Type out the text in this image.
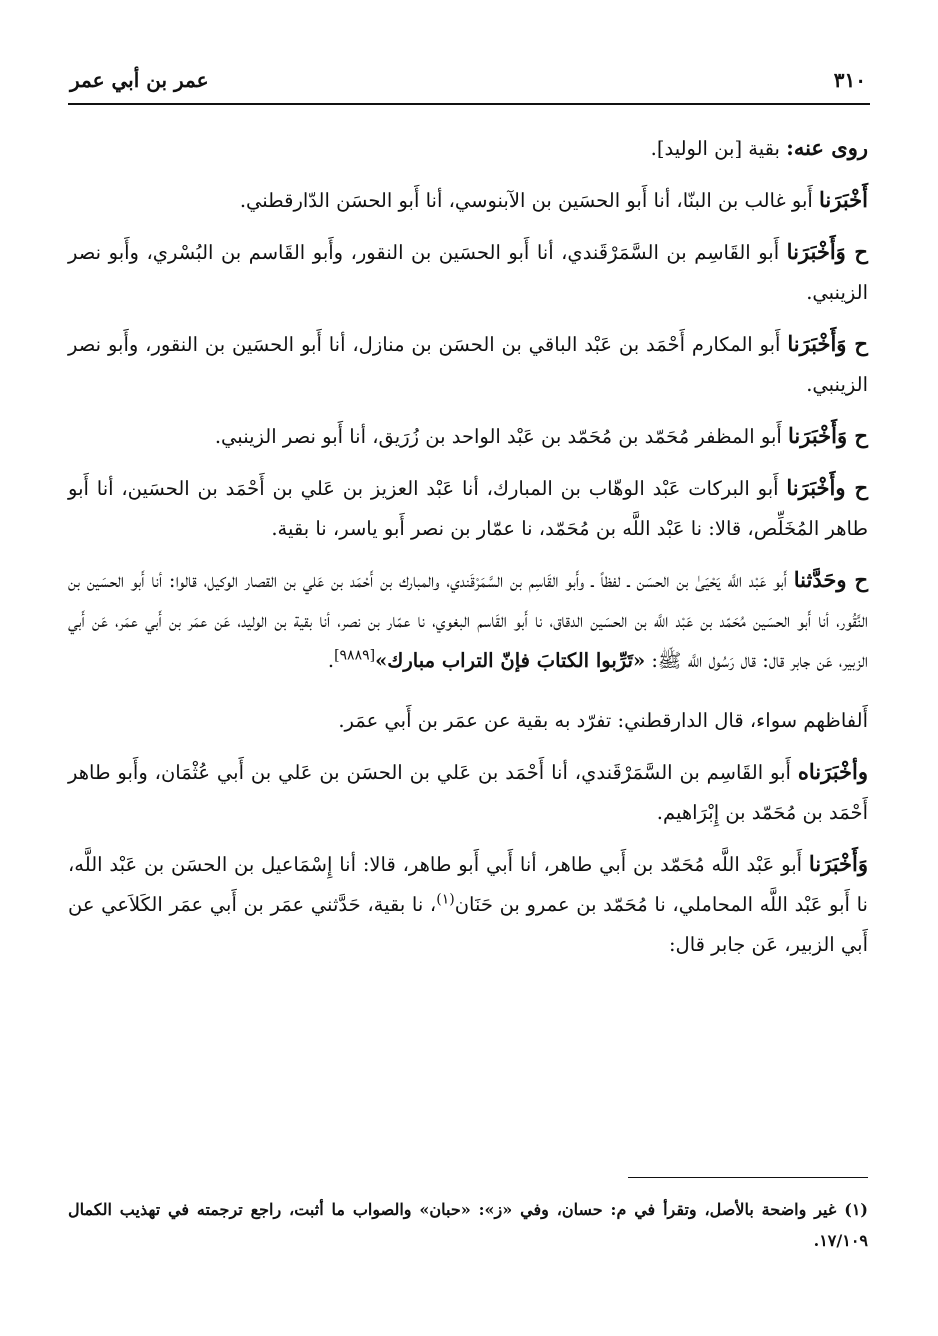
٣١٠
عمر بن أبي عمر

روى عنه: بقية [بن الوليد].

أَخْبَرَنا أَبو غالب بن البنّا، أنا أَبو الحسَين بن الآبنوسي، أنا أَبو الحسَن الدّارقطني.

ح وَأَخْبَرَنا أَبو القَاسِم بن السَّمَرْقَندي، أنا أَبو الحسَين بن النقور، وأَبو القَاسم بن البُسْري، وأَبو نصر الزينبي.

ح وَأَخْبَرَنا أَبو المكارم أَحْمَد بن عَبْد الباقي بن الحسَن بن منازل، أنا أَبو الحسَين بن النقور، وأَبو نصر الزينبي.

ح وَأَخْبَرَنا أَبو المظفر مُحَمّد بن مُحَمّد بن عَبْد الواحد بن زُرَيق، أنا أَبو نصر الزينبي.

ح وأَخْبَرَنا أَبو البركات عَبْد الوهّاب بن المبارك، أنا عَبْد العزيز بن عَلي بن أَحْمَد بن الحسَين، أنا أَبو طاهر المُخَلِّص، قالا: نا عَبْد اللَّه بن مُحَمّد، نا عمّار بن نصر أَبو ياسر، نا بقية.

ح وحَدَّثنا أَبو عَبْد اللَّه يَحْيَىٰ بن الحسَن ـ لفظاً ـ وأَبو القَاسِم بن السَّمَرْقَندي، والمبارك بن أَحْمَد بن عَلي بن القصار الوكيل، قالوا: أنا أَبو الحسَين بن النَّقُور، أنا أَبو الحسَين مُحَمّد بن عَبْد اللَّه بن الحسَين الدقاق، نا أَبو القَاسم البغوي، نا عمّار بن نصر، أنا بقية بن الوليد، عَن عمَر بن أَبي عمَر، عَن أَبي الزبير، عَن جابر قال: قال رَسُول اللَّه ﷺ: «تَرِّبوا الكتابَ فإنّ التراب مبارك»[٩٨٨٩].

أَلفاظهم سواء، قال الدارقطني: تفرّد به بقية عن عمَر بن أَبي عمَر.

وأخْبَرَناه أَبو القَاسِم بن السَّمَرْقَندي، أنا أَحْمَد بن عَلي بن الحسَن بن عَلي بن أَبي عُثْمَان، وأَبو طاهر أَحْمَد بن مُحَمّد بن إِبْرَاهيم.

وَأَخْبَرَنا أَبو عَبْد اللَّه مُحَمّد بن أَبي طاهر، أنا أَبي أَبو طاهر، قالا: أنا إِسْمَاعيل بن الحسَن بن عَبْد اللَّه، نا أَبو عَبْد اللَّه المحاملي، نا مُحَمّد بن عمرو بن حَنَان$^{(١)}$، نا بقية، حَدَّثني عمَر بن أَبي عمَر الكَلاَعي عن أَبي الزبير، عَن جابر قال:

(١)غير واضحة بالأصل، وتقرأ في م: حسان، وفي «ز»: «حبان» والصواب ما أثبت، راجع ترجمته في تهذيب الكمال ١٧/١٠٩.
